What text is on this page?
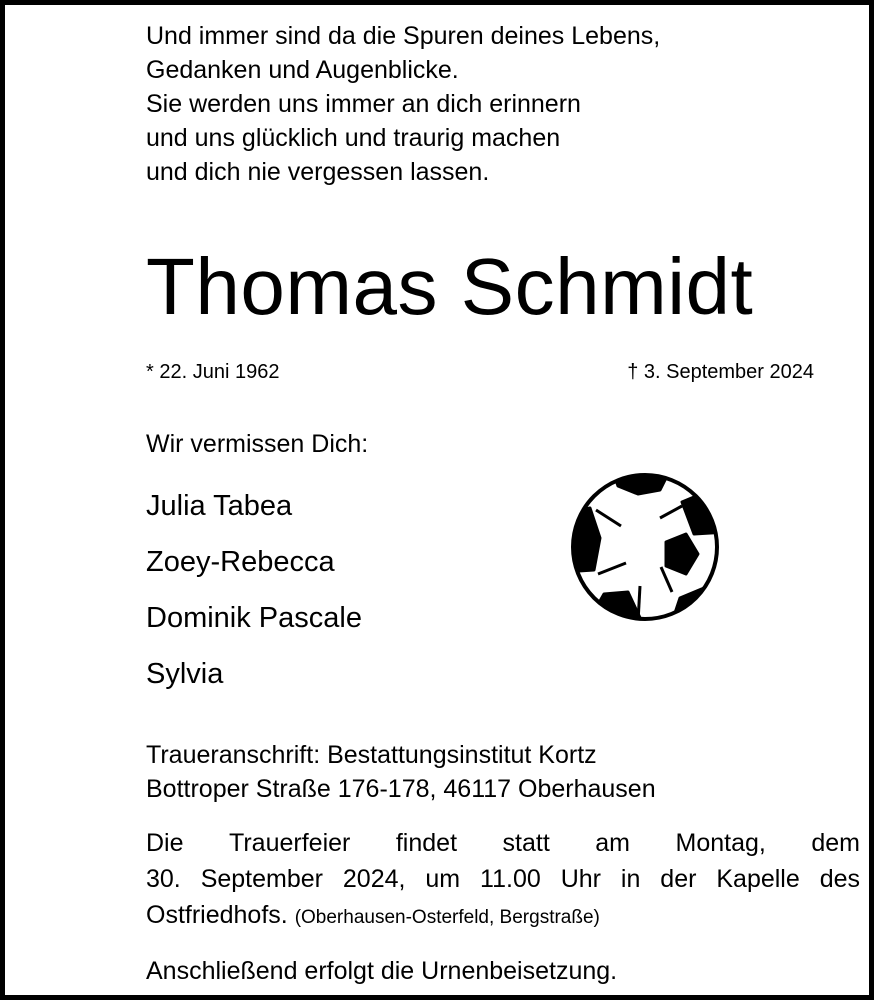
Und immer sind da die Spuren deines Lebens,
Gedanken und Augenblicke.
Sie werden uns immer an dich erinnern
und uns glücklich und traurig machen
und dich nie vergessen lassen.
Thomas Schmidt
* 22. Juni 1962	† 3. September 2024
Wir vermissen Dich:
Julia Tabea
Zoey-Rebecca
Dominik Pascale
Sylvia
Traueranschrift: Bestattungsinstitut Kortz
Bottroper Straße 176-178, 46117 Oberhausen
Die Trauerfeier findet statt am Montag, dem
30. September 2024, um 11.00 Uhr in der Kapelle des
Ostfriedhofs. (Oberhausen-Osterfeld, Bergstraße)
Anschließend erfolgt die Urnenbeisetzung.
